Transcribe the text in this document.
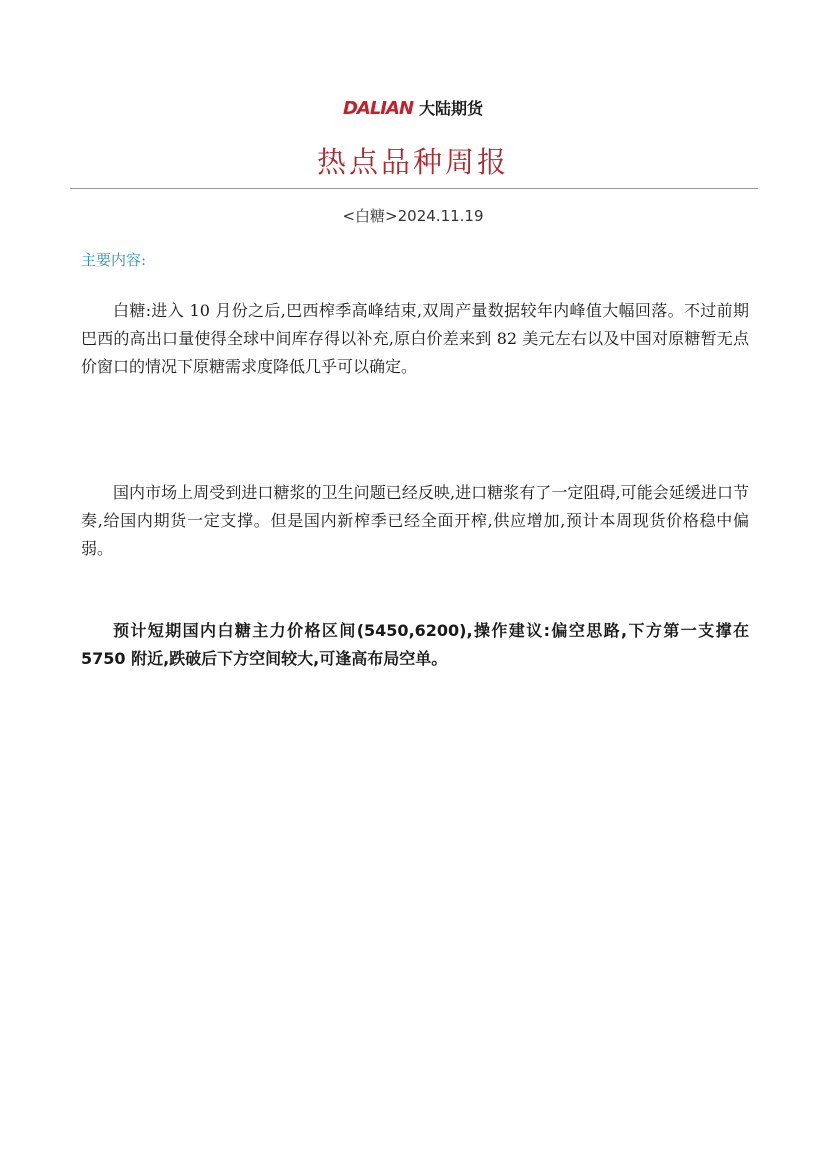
DALIAN 大陆期货
热点品种周报
<白糖>2024.11.19
主要内容:

白糖:进入 10 月份之后,巴西榨季高峰结束,双周产量数据较年内峰值大幅回落。不过前期巴西的高出口量使得全球中间库存得以补充,原白价差来到 82 美元左右以及中国对原糖暂无点价窗口的情况下原糖需求度降低几乎可以确定。

国内市场上周受到进口糖浆的卫生问题已经反映,进口糖浆有了一定阻碍,可能会延缓进口节奏,给国内期货一定支撑。但是国内新榨季已经全面开榨,供应增加,预计本周现货价格稳中偏弱。

预计短期国内白糖主力价格区间(5450,6200),操作建议:偏空思路,下方第一支撑在 5750 附近,跌破后下方空间较大,可逢高布局空单。
